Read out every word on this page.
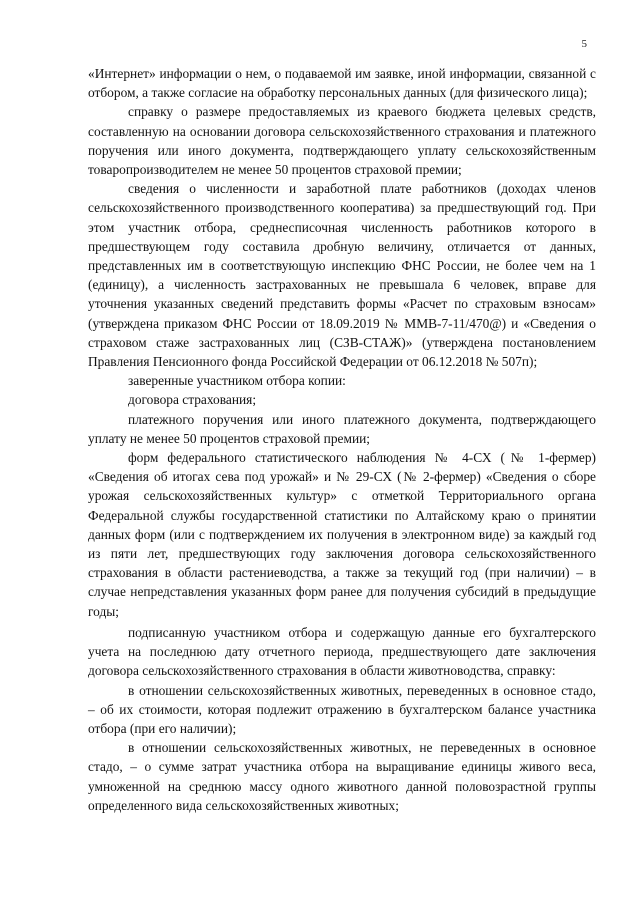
5

«Интернет» информации о нем, о подаваемой им заявке, иной информации, связанной с отбором, а также согласие на обработку персональных данных (для физического лица);

справку о размере предоставляемых из краевого бюджета целевых средств, составленную на основании договора сельскохозяйственного страхования и платежного поручения или иного документа, подтверждающего уплату сельскохозяйственным товаропроизводителем не менее 50 процентов страховой премии;

сведения о численности и заработной плате работников (доходах членов сельскохозяйственного производственного кооператива) за предшествующий год. При этом участник отбора, среднесписочная численность работников которого в предшествующем году составила дробную величину, отличается от данных, представленных им в соответствующую инспекцию ФНС России, не более чем на 1 (единицу), а численность застрахованных не превышала 6 человек, вправе для уточнения указанных сведений представить формы «Расчет по страховым взносам» (утверждена приказом ФНС России от 18.09.2019 № ММВ-7-11/470@) и «Сведения о страховом стаже застрахованных лиц (СЗВ-СТАЖ)» (утверждена постановлением Правления Пенсионного фонда Российской Федерации от 06.12.2018 № 507п);

заверенные участником отбора копии:

договора страхования;

платежного поручения или иного платежного документа, подтверждающего уплату не менее 50 процентов страховой премии;

форм федерального статистического наблюдения № 4-СХ (№ 1-фермер) «Сведения об итогах сева под урожай» и № 29-СХ (№ 2-фермер) «Сведения о сборе урожая сельскохозяйственных культур» с отметкой Территориального органа Федеральной службы государственной статистики по Алтайскому краю о принятии данных форм (или с подтверждением их получения в электронном виде) за каждый год из пяти лет, предшествующих году заключения договора сельскохозяйственного страхования в области растениеводства, а также за текущий год (при наличии) – в случае непредставления указанных форм ранее для получения субсидий в предыдущие годы;

подписанную участником отбора и содержащую данные его бухгалтерского учета на последнюю дату отчетного периода, предшествующего дате заключения договора сельскохозяйственного страхования в области животноводства, справку:

в отношении сельскохозяйственных животных, переведенных в основное стадо, – об их стоимости, которая подлежит отражению в бухгалтерском балансе участника отбора (при его наличии);

в отношении сельскохозяйственных животных, не переведенных в основное стадо, – о сумме затрат участника отбора на выращивание единицы живого веса, умноженной на среднюю массу одного животного данной половозрастной группы определенного вида сельскохозяйственных животных;
